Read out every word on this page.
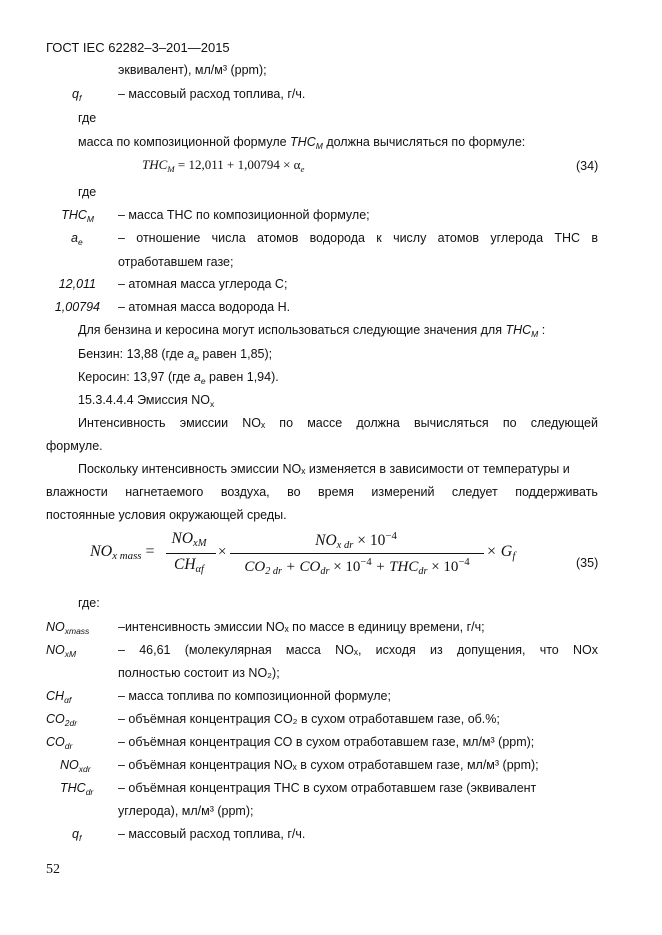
ГОСТ IEC 62282–3–201—2015
эквивалент), мл/м³ (ppm);
$q_f$	– массовый расход топлива, г/ч.
где
масса по композиционной формуле $THC_M$ должна вычисляться по формуле:
$THC_M = 12,011 + 1,00794 \times \alpha_e$	(34)
где
$THC_M$ – масса ТНС по композиционной формуле;
$a_e$	– отношение числа атомов водорода к числу атомов углерода ТНС в
отработавшем газе;
12,011 – атомная масса углерода С;
1,00794 – атомная масса водорода Н.
Для бензина и керосина могут использоваться следующие значения для $THC_M$ :
Бензин: 13,88 (где $a_e$ равен 1,85);
Керосин: 13,97 (где $a_e$ равен 1,94).
15.3.4.4.4 Эмиссия $NO_x$
Интенсивность эмиссии NOₓ по массе должна вычисляться по следующей
формуле.
Поскольку интенсивность эмиссии NOₓ изменяется в зависимости от температуры и
влажности нагнетаемого воздуха, во время измерений следует поддерживать
постоянные условия окружающей среды.
$NO_{x mass}$ =
$NO_{xM}$
$CH_{\alpha f}$
×
$NO_{x dr} \times 10^{-4}$
$CO_{2 dr} + CO_{dr} \times 10^{-4} + THC_{dr} \times 10^{-4}$
× $G_f$	(35)
где:
$NO_{xmass}$ –интенсивность эмиссии NOₓ по массе в единицу времени, г/ч;
$NO_{xM}$	– 46,61 (молекулярная масса NOₓ, исходя из допущения, что NOx
полностью состоит из NO₂);
$CH_{\alpha f}$	– масса топлива по композиционной формуле;
$CO_{2dr}$	– объёмная концентрация CO₂ в сухом отработавшем газе, об.%;
$CO_{dr}$	– объёмная концентрация СО в сухом отработавшем газе, мл/м³ (ppm);
$NO_{xdr}$ – объёмная концентрация NOₓ в сухом отработавшем газе, мл/м³ (ppm);
$THC_{dr}$ – объёмная концентрация ТНС в сухом отработавшем газе (эквивалент
углерода), мл/м³ (ppm);
$q_f$	– массовый расход топлива, г/ч.
52
